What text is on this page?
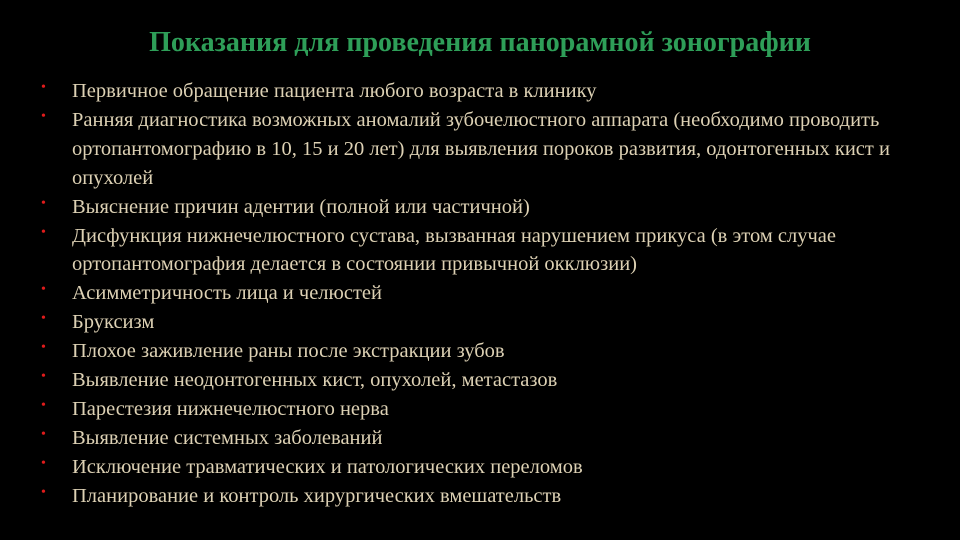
Показания для проведения панорамной зонографии
• Первичное обращение пациента любого возраста в клинику
• Ранняя диагностика возможных аномалий зубочелюстного аппарата (необходимо проводить ортопантомографию в 10, 15 и 20 лет) для выявления пороков развития, одонтогенных кист и опухолей
• Выяснение причин адентии (полной или частичной)
• Дисфункция нижнечелюстного сустава, вызванная нарушением прикуса (в этом случае ортопантомография делается в состоянии привычной окклюзии)
• Асимметричность лица и челюстей
• Бруксизм
• Плохое заживление раны после экстракции зубов
• Выявление неодонтогенных кист, опухолей, метастазов
• Парестезия нижнечелюстного нерва
• Выявление системных заболеваний
• Исключение травматических и патологических переломов
• Планирование и контроль хирургических вмешательств
